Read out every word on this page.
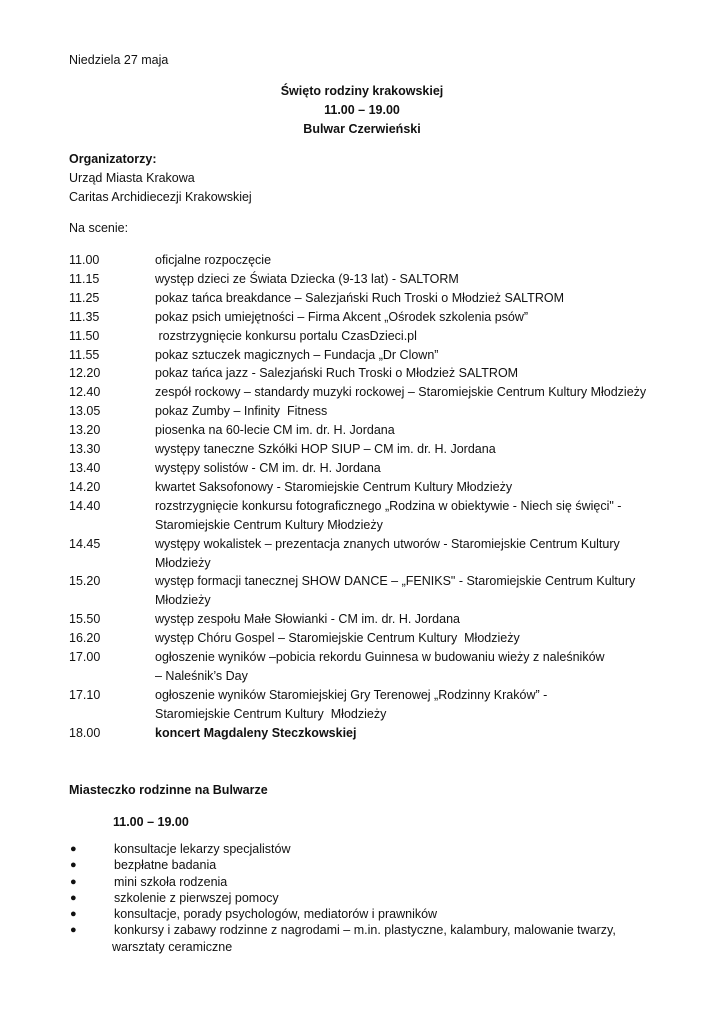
Niedziela 27 maja
Święto rodziny krakowskiej
11.00 – 19.00
Bulwar Czerwieński
Organizatorzy:
Urząd Miasta Krakowa
Caritas Archidiecezji Krakowskiej
Na scenie:
11.00	oficjalne rozpoczęcie
11.15	występ dzieci ze Świata Dziecka (9-13 lat) - SALTORM
11.25	pokaz tańca breakdance – Salezjański Ruch Troski o Młodzież SALTROM
11.35	pokaz psich umiejętności – Firma Akcent „Ośrodek szkolenia psów”
11.50	rozstrzygnięcie konkursu portalu CzasDzieci.pl
11.55	pokaz sztuczek magicznych – Fundacja „Dr Clown”
12.20	pokaz tańca jazz - Salezjański Ruch Troski o Młodzież SALTROM
12.40	zespół rockowy – standardy muzyki rockowej – Staromiejskie Centrum Kultury Młodzieży
13.05	pokaz Zumby – Infinity  Fitness
13.20	piosenka na 60-lecie CM im. dr. H. Jordana
13.30	występy taneczne Szkółki HOP SIUP – CM im. dr. H. Jordana
13.40	występy solistów - CM im. dr. H. Jordana
14.20	kwartet Saksofonowy - Staromiejskie Centrum Kultury Młodzieży
14.40	rozstrzygnięcie konkursu fotograficznego „Rodzina w obiektywie - Niech się święci" -
Staromiejskie Centrum Kultury Młodzieży
14.45	występy wokalistek – prezentacja znanych utworów - Staromiejskie Centrum Kultury
Młodzieży
15.20	występ formacji tanecznej SHOW DANCE – „FENIKS" - Staromiejskie Centrum Kultury
Młodzieży
15.50	występ zespołu Małe Słowianki - CM im. dr. H. Jordana
16.20	występ Chóru Gospel – Staromiejskie Centrum Kultury  Młodzieży
17.00	ogłoszenie wyników –pobicia rekordu Guinnesa w budowaniu wieży z naleśników
– Naleśnik’s Day
17.10	ogłoszenie wyników Staromiejskiej Gry Terenowej „Rodzinny Kraków” -
Staromiejskie Centrum Kultury  Młodzieży
18.00	koncert Magdaleny Steczkowskiej
Miasteczko rodzinne na Bulwarze
11.00 – 19.00
●	konsultacje lekarzy specjalistów
●	bezpłatne badania
●	mini szkoła rodzenia
●	szkolenie z pierwszej pomocy
●	konsultacje, porady psychologów, mediatorów i prawników
●	konkursy i zabawy rodzinne z nagrodami – m.in. plastyczne, kalambury, malowanie twarzy,
warsztaty ceramiczne
